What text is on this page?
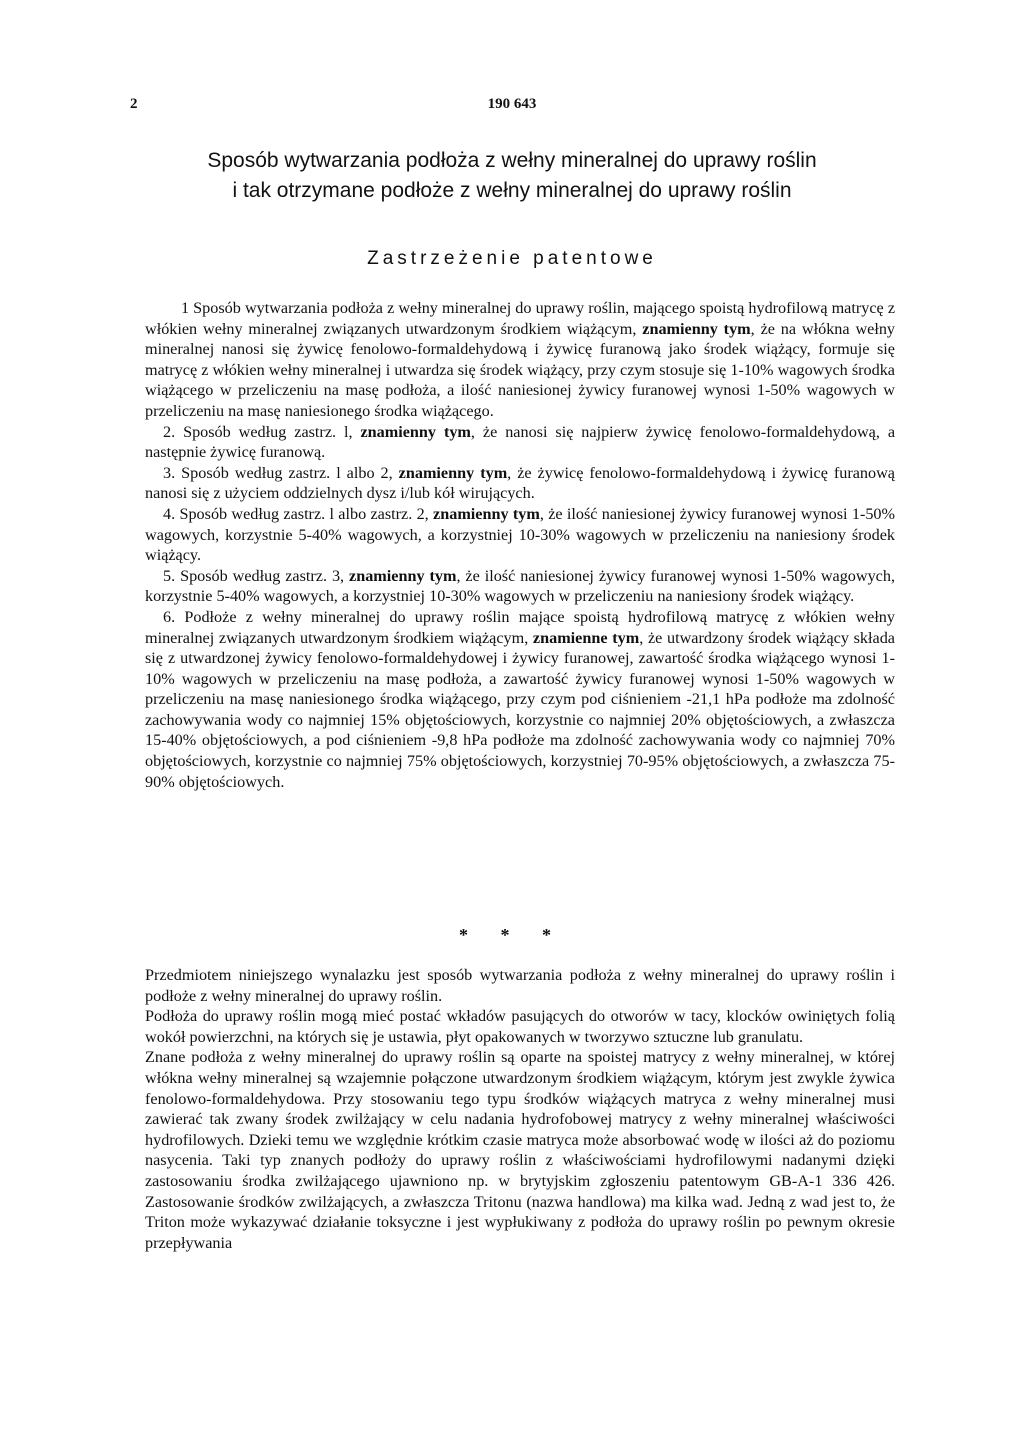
2	190 643
Sposób wytwarzania podłoża z wełny mineralnej do uprawy roślin
i tak otrzymane podłoże z wełny mineralnej do uprawy roślin
Zastrzeżenie patentowe

1 Sposób wytwarzania podłoża z wełny mineralnej do uprawy roślin, mającego spoistą hydrofilową matrycę z włókien wełny mineralnej związanych utwardzonym środkiem wiążącym, znamienny tym, że na włókna wełny mineralnej nanosi się żywicę fenolowo-formaldehydową i żywicę furanową jako środek wiążący, formuje się matrycę z włókien wełny mineralnej i utwardza się środek wiążący, przy czym stosuje się 1-10% wagowych środka wiążącego w przeliczeniu na masę podłoża, a ilość naniesionej żywicy furanowej wynosi 1-50% wagowych w przeliczeniu na masę naniesionego środka wiążącego.

2. Sposób według zastrz. l, znamienny tym, że nanosi się najpierw żywicę fenolowo-formaldehydową, a następnie żywicę furanową.

3. Sposób według zastrz. l albo 2, znamienny tym, że żywicę fenolowo-formaldehydową i żywicę furanową nanosi się z użyciem oddzielnych dysz i/lub kół wirujących.

4. Sposób według zastrz. l albo zastrz. 2, znamienny tym, że ilość naniesionej żywicy furanowej wynosi 1-50% wagowych, korzystnie 5-40% wagowych, a korzystniej 10-30% wagowych w przeliczeniu na naniesiony środek wiążący.

5. Sposób według zastrz. 3, znamienny tym, że ilość naniesionej żywicy furanowej wynosi 1-50% wagowych, korzystnie 5-40% wagowych, a korzystniej 10-30% wagowych w przeliczeniu na naniesiony środek wiążący.

6. Podłoże z wełny mineralnej do uprawy roślin mające spoistą hydrofilową matrycę z włókien wełny mineralnej związanych utwardzonym środkiem wiążącym, znamienne tym, że utwardzony środek wiążący składa się z utwardzonej żywicy fenolowo-formaldehydowej i żywicy furanowej, zawartość środka wiążącego wynosi 1-10% wagowych w przeliczeniu na masę podłoża, a zawartość żywicy furanowej wynosi 1-50% wagowych w przeliczeniu na masę naniesionego środka wiążącego, przy czym pod ciśnieniem -21,1 hPa podłoże ma zdolność zachowywania wody co najmniej 15% objętościowych, korzystnie co najmniej 20% objętościowych, a zwłaszcza 15-40% objętościowych, a pod ciśnieniem -9,8 hPa podłoże ma zdolność zachowywania wody co najmniej 70% objętościowych, korzystnie co najmniej 75% objętościowych, korzystniej 70-95% objętościowych, a zwłaszcza 75-90% objętościowych.

* * *

Przedmiotem niniejszego wynalazku jest sposób wytwarzania podłoża z wełny mineralnej do uprawy roślin i podłoże z wełny mineralnej do uprawy roślin.

Podłoża do uprawy roślin mogą mieć postać wkładów pasujących do otworów w tacy, klocków owiniętych folią wokół powierzchni, na których się je ustawia, płyt opakowanych w tworzywo sztuczne lub granulatu.

Znane podłoża z wełny mineralnej do uprawy roślin są oparte na spoistej matrycy z wełny mineralnej, w której włókna wełny mineralnej są wzajemnie połączone utwardzonym środkiem wiążącym, którym jest zwykle żywica fenolowo-formaldehydowa. Przy stosowaniu tego typu środków wiążących matryca z wełny mineralnej musi zawierać tak zwany środek zwilżający w celu nadania hydrofobowej matrycy z wełny mineralnej właściwości hydrofilowych. Dzieki temu we względnie krótkim czasie matryca może absorbować wodę w ilości aż do poziomu nasycenia. Taki typ znanych podłoży do uprawy roślin z właściwościami hydrofilowymi nadanymi dzięki zastosowaniu środka zwilżającego ujawniono np. w brytyjskim zgłoszeniu patentowym GB-A-1 336 426. Zastosowanie środków zwilżających, a zwłaszcza Tritonu (nazwa handlowa) ma kilka wad. Jedną z wad jest to, że Triton może wykazywać działanie toksyczne i jest wypłukiwany z podłoża do uprawy roślin po pewnym okresie przepływania
